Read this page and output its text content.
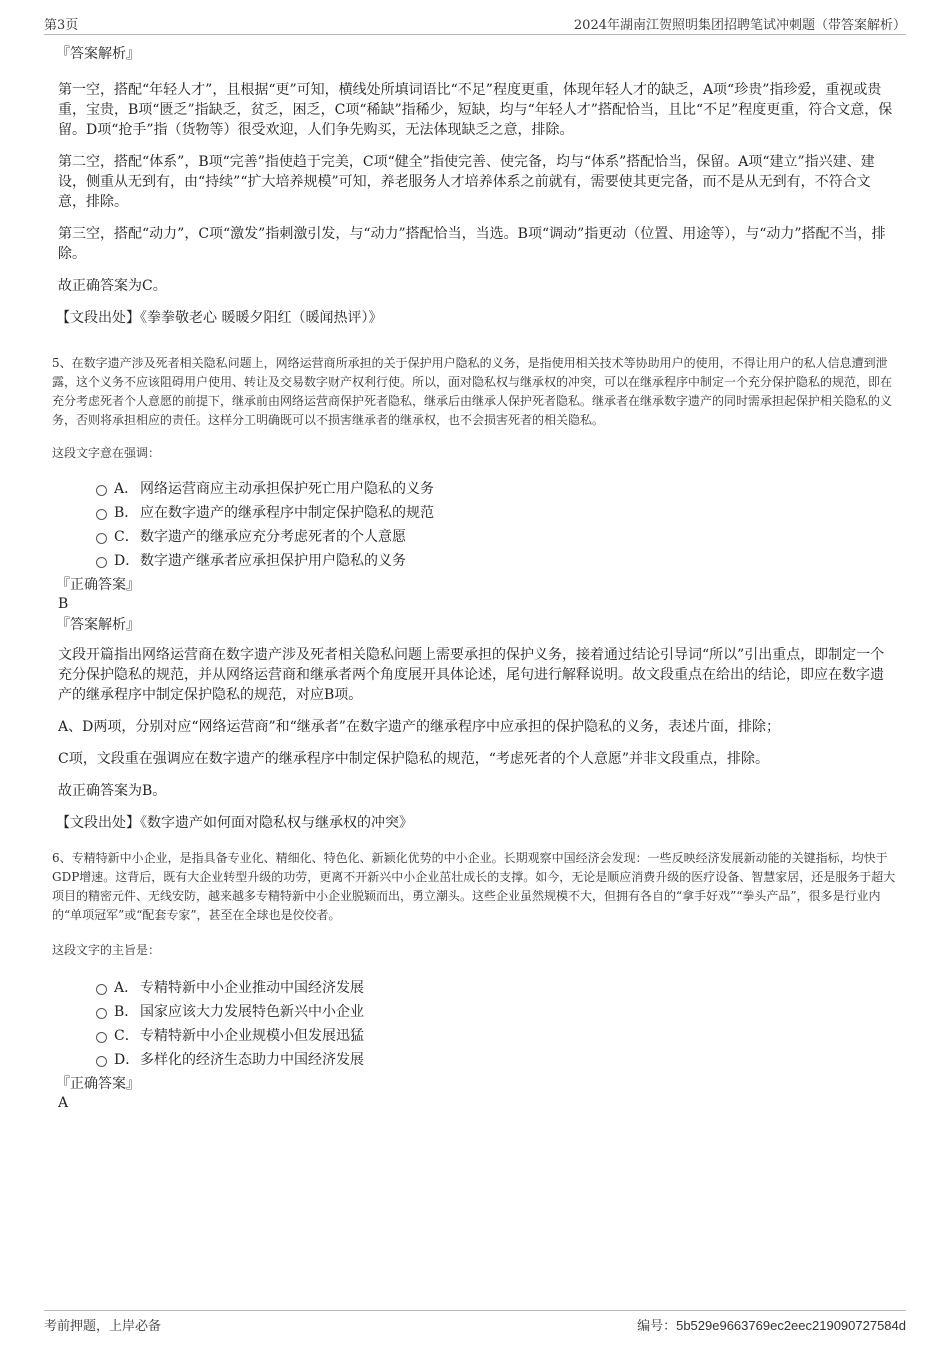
第3页	2024年湖南江贺照明集团招聘笔试冲刺题（带答案解析）

『答案解析』

第一空，搭配“年轻人才”，且根据“更”可知，横线处所填词语比“不足”程度更重，体现年轻人才的缺乏，A项“珍贵”指珍爱，重视或贵重，宝贵，B项“匮乏”指缺乏，贫乏，困乏，C项“稀缺”指稀少，短缺，均与“年轻人才”搭配恰当，且比“不足”程度更重，符合文意，保留。D项“抢手”指（货物等）很受欢迎，人们争先购买，无法体现缺乏之意，排除。

第二空，搭配“体系”，B项“完善”指使趋于完美，C项“健全”指使完善、使完备，均与“体系”搭配恰当，保留。A项“建立”指兴建、建设，侧重从无到有，由“持续”“扩大培养规模”可知，养老服务人才培养体系之前就有，需要使其更完备，而不是从无到有，不符合文意，排除。

第三空，搭配“动力”，C项“激发”指刺激引发，与“动力”搭配恰当，当选。B项“调动”指更动（位置、用途等），与“动力”搭配不当，排除。

故正确答案为C。

【文段出处】《拳拳敬老心 暖暖夕阳红（暖闻热评）》

5、在数字遗产涉及死者相关隐私问题上，网络运营商所承担的关于保护用户隐私的义务，是指使用相关技术等协助用户的使用，不得让用户的私人信息遭到泄露，这个义务不应该阻碍用户使用、转让及交易数字财产权利行使。所以，面对隐私权与继承权的冲突，可以在继承程序中制定一个充分保护隐私的规范，即在充分考虑死者个人意愿的前提下，继承前由网络运营商保护死者隐私，继承后由继承人保护死者隐私。继承者在继承数字遗产的同时需承担起保护相关隐私的义务，否则将承担相应的责任。这样分工明确既可以不损害继承者的继承权，也不会损害死者的相关隐私。

这段文字意在强调：

A． 网络运营商应主动承担保护死亡用户隐私的义务
B． 应在数字遗产的继承程序中制定保护隐私的规范
C．数字遗产的继承应充分考虑死者的个人意愿
D．数字遗产继承者应承担保护用户隐私的义务

『正确答案』

B

『答案解析』

文段开篇指出网络运营商在数字遗产涉及死者相关隐私问题上需要承担的保护义务，接着通过结论引导词“所以”引出重点，即制定一个充分保护隐私的规范，并从网络运营商和继承者两个角度展开具体论述，尾句进行解释说明。故文段重点在给出的结论，即应在数字遗产的继承程序中制定保护隐私的规范，对应B项。

A、D两项，分别对应“网络运营商”和“继承者”在数字遗产的继承程序中应承担的保护隐私的义务，表述片面，排除；

C项，文段重在强调应在数字遗产的继承程序中制定保护隐私的规范，“考虑死者的个人意愿”并非文段重点，排除。

故正确答案为B。

【文段出处】《数字遗产如何面对隐私权与继承权的冲突》

6、专精特新中小企业，是指具备专业化、精细化、特色化、新颖化优势的中小企业。长期观察中国经济会发现：一些反映经济发展新动能的关键指标，均快于GDP增速。这背后，既有大企业转型升级的功劳，更离不开新兴中小企业茁壮成长的支撑。如今，无论是顺应消费升级的医疗设备、智慧家居，还是服务于超大项目的精密元件、无线安防，越来越多专精特新中小企业脱颖而出，勇立潮头。这些企业虽然规模不大，但拥有各自的“拿手好戏”“拳头产品”，很多是行业内的“单项冠军”或“配套专家”，甚至在全球也是佼佼者。

这段文字的主旨是：

A． 专精特新中小企业推动中国经济发展
B． 国家应该大力发展特色新兴中小企业
C．专精特新中小企业规模小但发展迅猛
D．多样化的经济生态助力中国经济发展

『正确答案』

A

考前押题，上岸必备	编号：5b529e9663769ec2eec219090727584d
